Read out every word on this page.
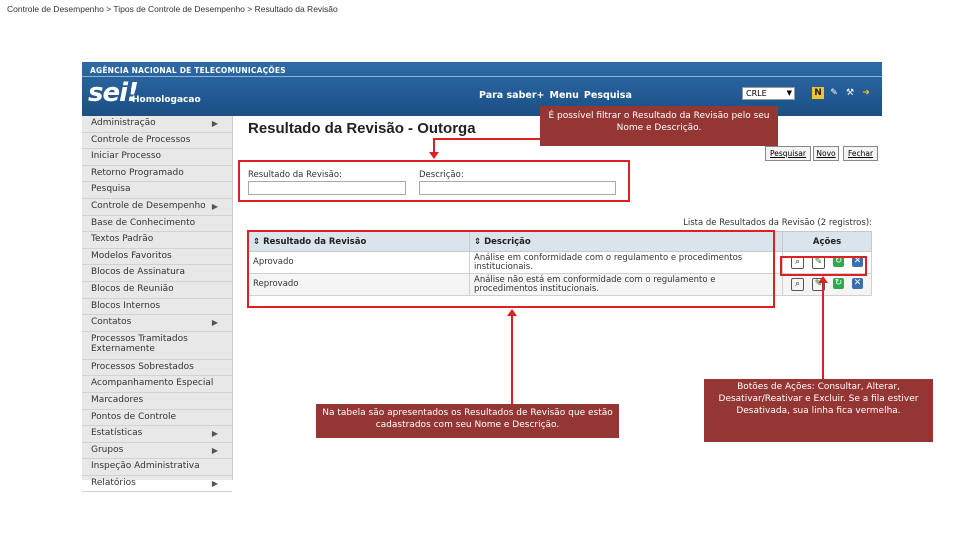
Controle de Desempenho > Tipos de Controle de Desempenho > Resultado da Revisão
AGÊNCIA NACIONAL DE TELECOMUNICAÇÕES
sei!
Homologacao	Para saber+ Menu Pesquisa	CRLE	▼ N ✎ ⚒ ➜
Administração	▶
Controle de Processos
Iniciar Processo
Retorno Programado
Pesquisa
Controle de Desempenho ▶
Base de Conhecimento
Textos Padrão
Modelos Favoritos
Blocos de Assinatura
Blocos de Reunião
Blocos Internos
Contatos	▶
Processos Tramitados Externamente
Processos Sobrestados
Acompanhamento Especial
Marcadores
Pontos de Controle
Estatísticas	▶
Grupos	▶
Inspeção Administrativa
Relatórios	▶
Resultado da Revisão - Outorga
Pesquisar	Novo	Fechar
Resultado da Revisão:	Descrição:
Lista de Resultados da Revisão (2 registros):
⇕ Resultado da Revisão	⇕ Descrição	Ações
Aprovado	Análise em conformidade com o regulamento e procedimentos institucionais.	⌕ ✎ ↻ ✕

Reprovado	Análise não está em conformidade com o regulamento e procedimentos institucionais.	⌕ ✎ ↻ ✕
É possível filtrar o Resultado da Revisão pelo seu Nome e Descrição.
Na tabela são apresentados os Resultados de Revisão que estão cadastrados com seu Nome e Descrição.
Botões de Ações: Consultar, Alterar, Desativar/Reativar e Excluir. Se a fila estiver Desativada, sua linha fica vermelha.
